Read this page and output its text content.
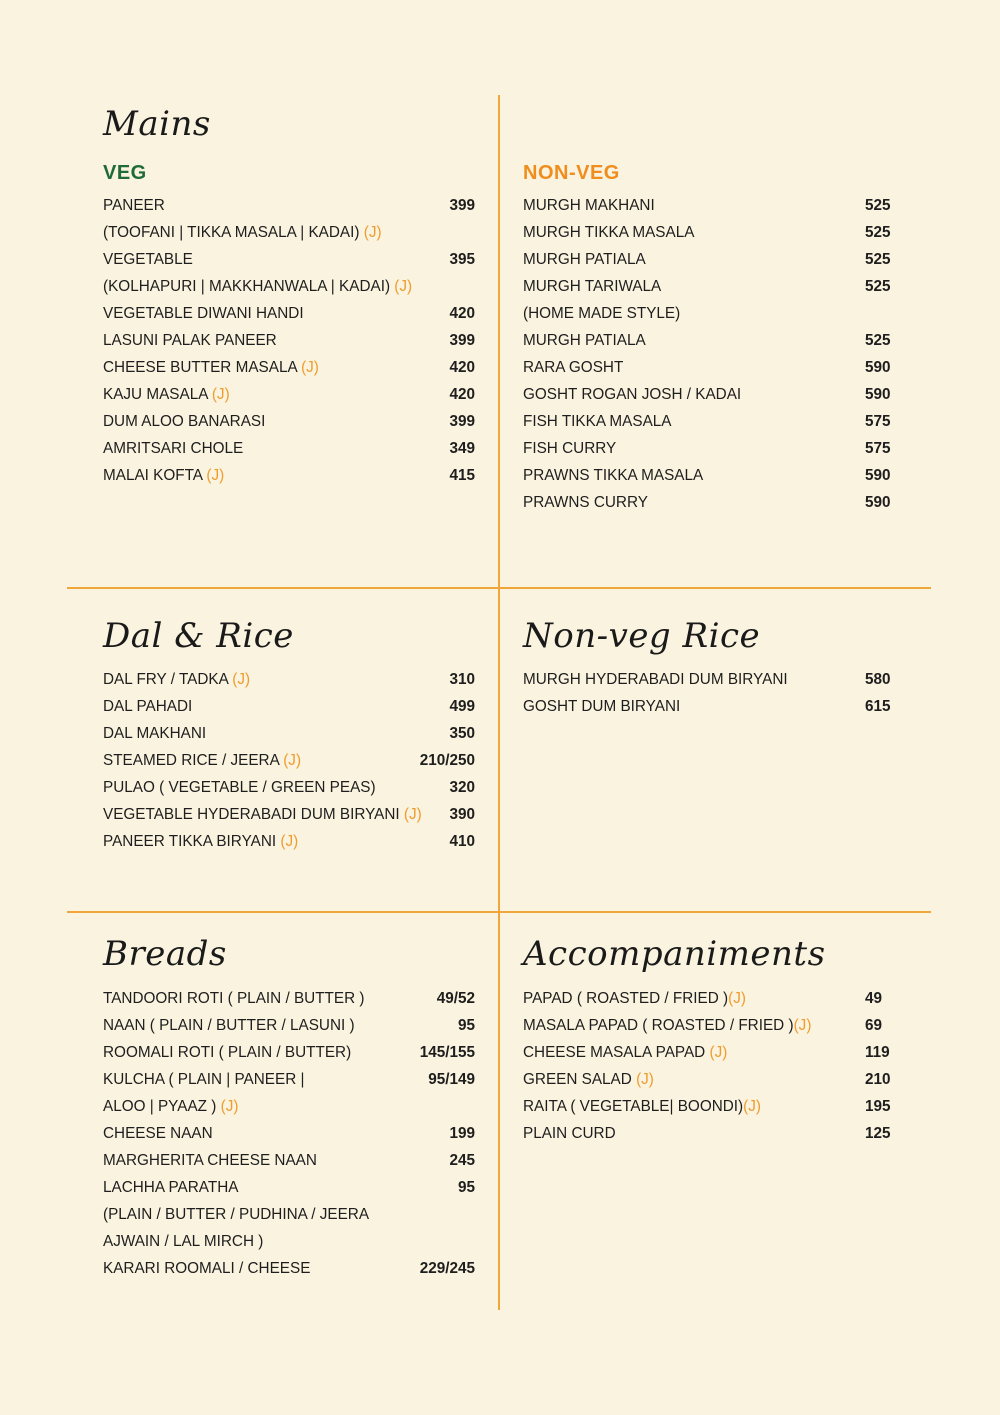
Mains
VEG
PANEER	399
(TOOFANI | TIKKA MASALA | KADAI) (J)
VEGETABLE	395
(KOLHAPURI | MAKKHANWALA | KADAI) (J)
VEGETABLE DIWANI HANDI	420
LASUNI PALAK PANEER	399
CHEESE BUTTER MASALA (J)	420
KAJU MASALA (J)	420
DUM ALOO BANARASI	399
AMRITSARI CHOLE	349
MALAI KOFTA (J)	415
NON-VEG
MURGH MAKHANI	525
MURGH TIKKA MASALA	525
MURGH PATIALA	525
MURGH TARIWALA	525
(HOME MADE STYLE)
MURGH PATIALA	525
RARA GOSHT	590
GOSHT ROGAN JOSH / KADAI	590
FISH TIKKA MASALA	575
FISH CURRY	575
PRAWNS TIKKA MASALA	590
PRAWNS CURRY	590
Dal & Rice
DAL FRY / TADKA (J)	310
DAL PAHADI	499
DAL MAKHANI	350
STEAMED RICE / JEERA (J)	210/250
PULAO ( VEGETABLE / GREEN PEAS)	320
VEGETABLE HYDERABADI DUM BIRYANI (J)	390
PANEER TIKKA BIRYANI (J)	410
Non-veg Rice
MURGH HYDERABADI DUM BIRYANI	580
GOSHT DUM BIRYANI	615
Breads
TANDOORI ROTI ( PLAIN / BUTTER )	49/52
NAAN ( PLAIN / BUTTER / LASUNI )	95
ROOMALI ROTI ( PLAIN / BUTTER)	145/155
KULCHA ( PLAIN | PANEER |	95/149
ALOO | PYAAZ ) (J)
CHEESE NAAN	199
MARGHERITA CHEESE NAAN	245
LACHHA PARATHA	95
(PLAIN / BUTTER / PUDHINA / JEERA
AJWAIN / LAL MIRCH )
KARARI ROOMALI / CHEESE	229/245
Accompaniments
PAPAD ( ROASTED / FRIED )(J)	49
MASALA PAPAD ( ROASTED / FRIED )(J)	69
CHEESE MASALA PAPAD (J)	119
GREEN SALAD (J)	210
RAITA ( VEGETABLE| BOONDI)(J)	195
PLAIN CURD	125
